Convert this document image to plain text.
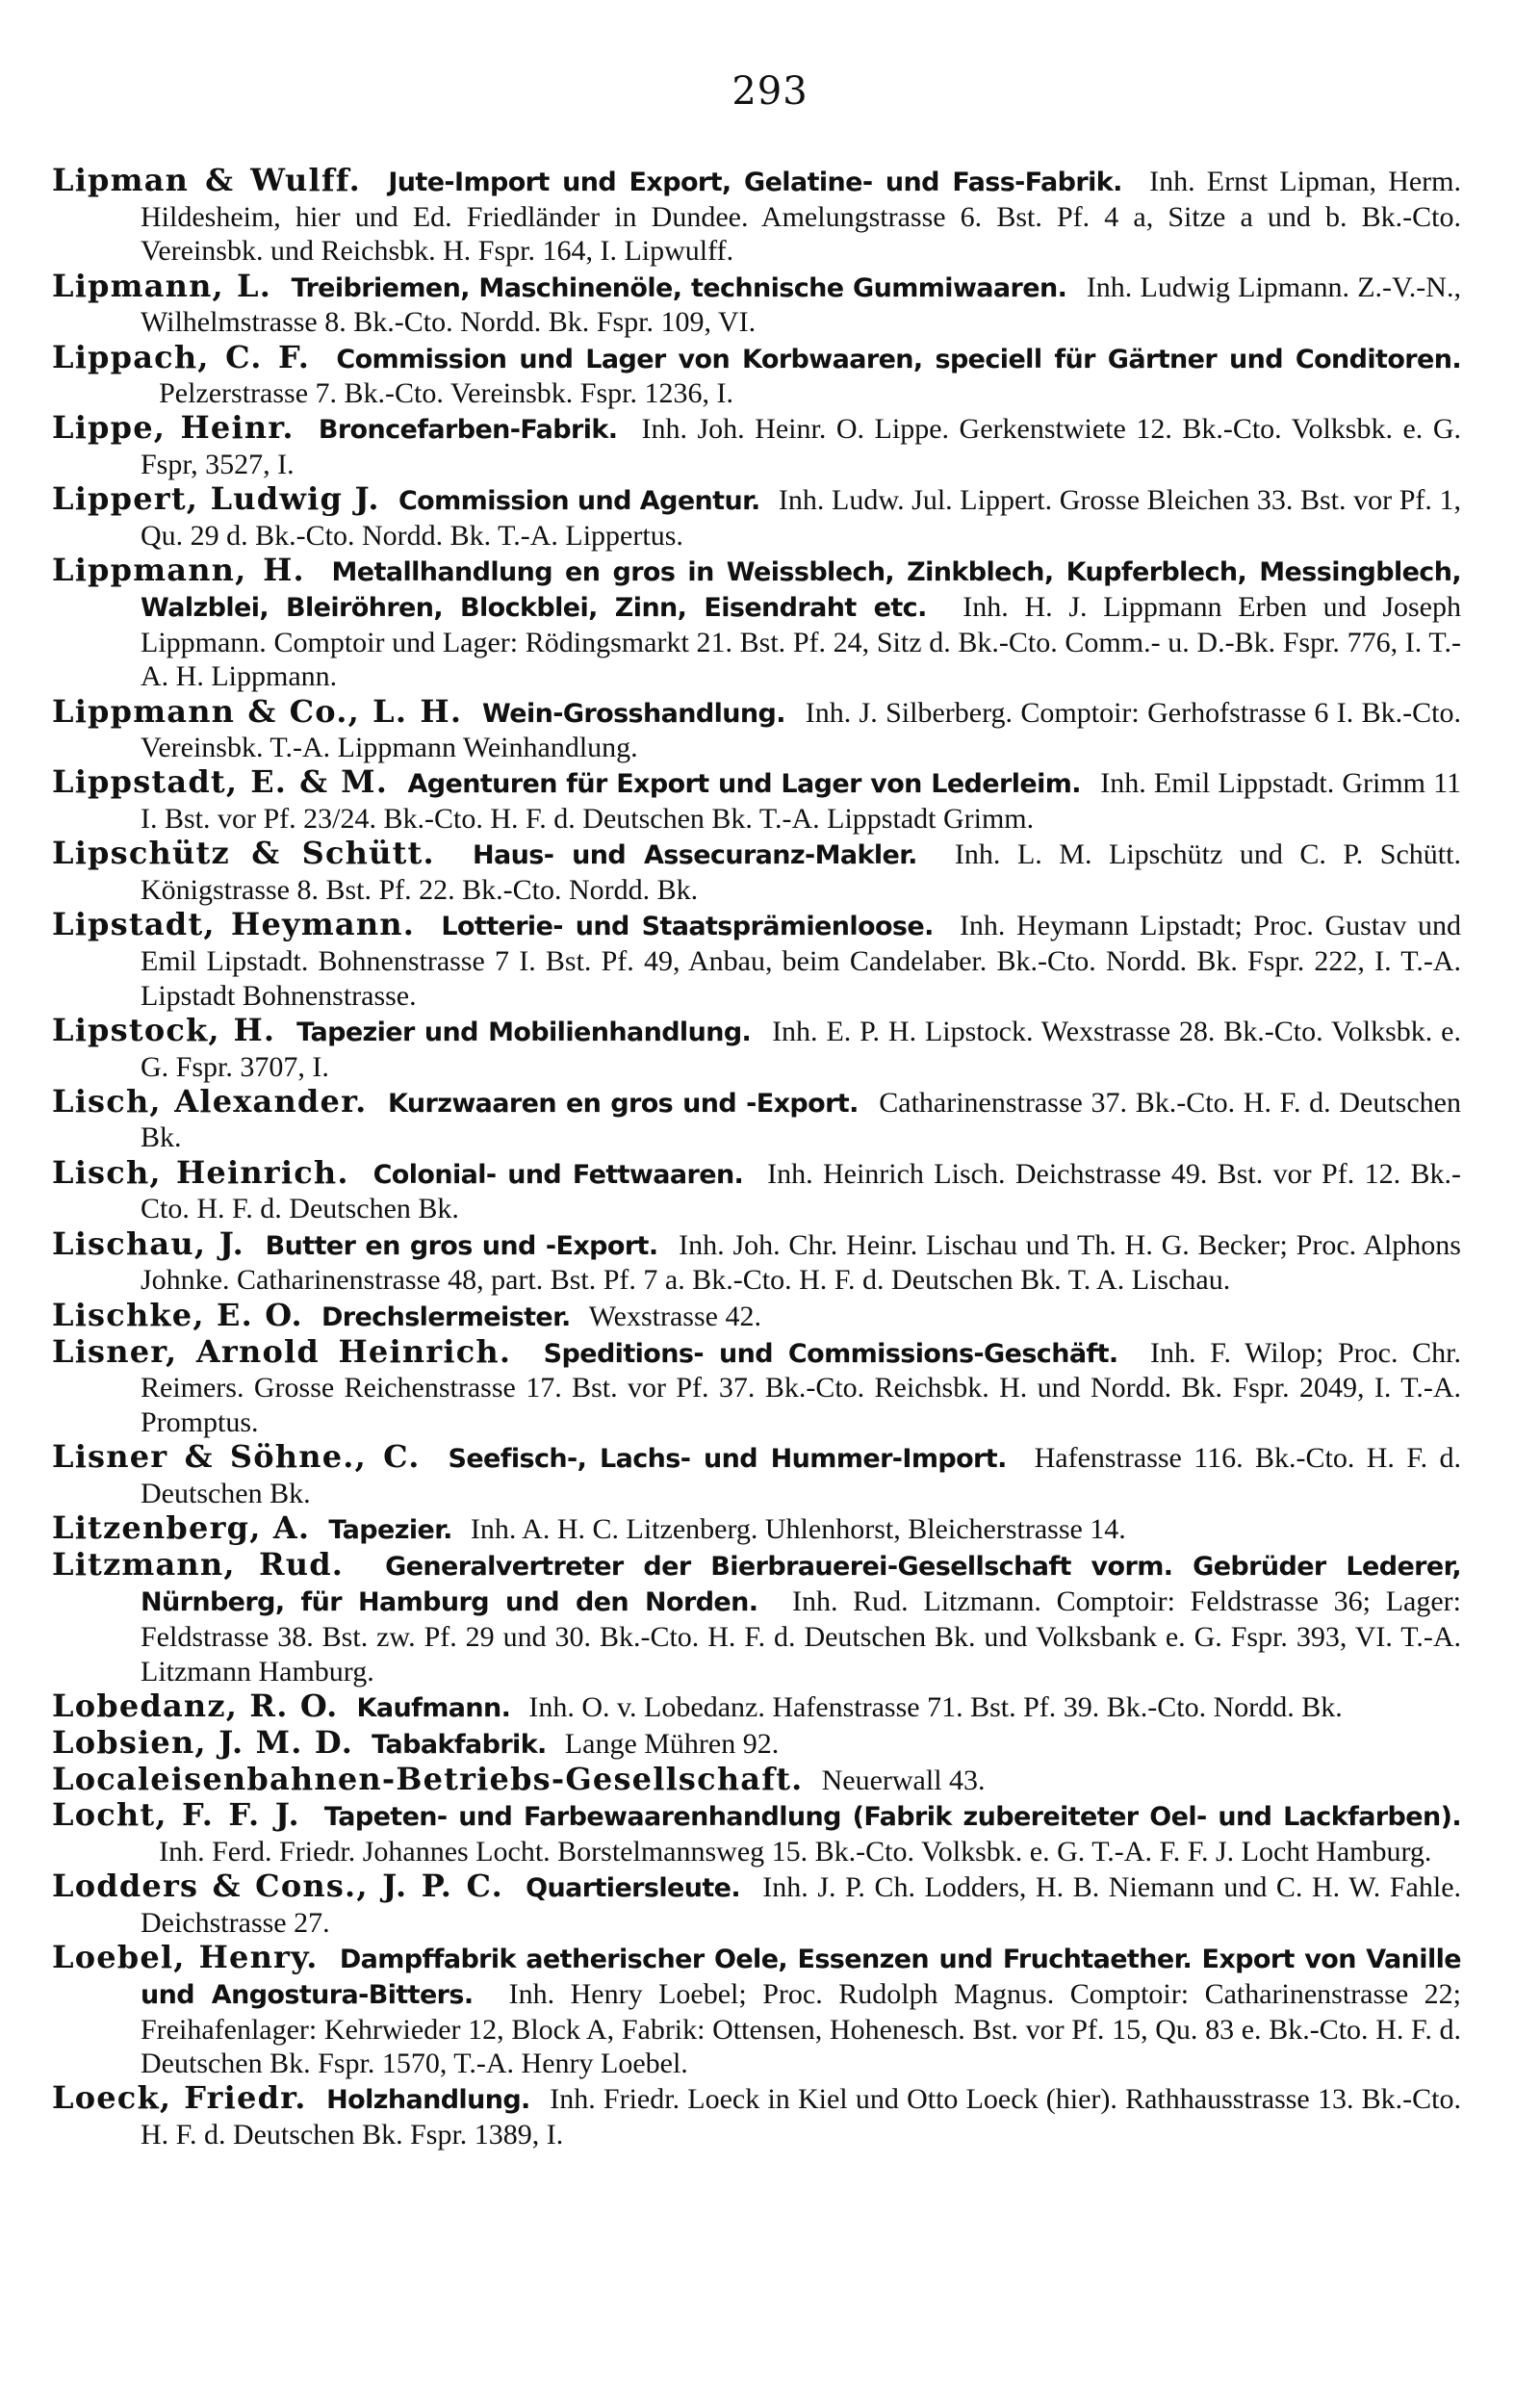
293
Lipman & Wulff. Jute-Import und Export, Gelatine- und Fass-Fabrik. Inh. Ernst Lipman, Herm. Hildesheim, hier und Ed. Friedländer in Dundee. Amelungstrasse 6. Bst. Pf. 4 a, Sitze a und b. Bk.-Cto. Vereinsbk. und Reichsbk. H. Fspr. 164, I. Lipwulff.
Lipmann, L. Treibriemen, Maschinenöle, technische Gummiwaaren. Inh. Ludwig Lipmann. Z.-V.-N., Wilhelmstrasse 8. Bk.-Cto. Nordd. Bk. Fspr. 109, VI.
Lippach, C. F. Commission und Lager von Korbwaaren, speciell für Gärtner und Conditoren.  Pelzerstrasse 7. Bk.-Cto. Vereinsbk. Fspr. 1236, I.
Lippe, Heinr. Broncefarben-Fabrik. Inh. Joh. Heinr. O. Lippe. Gerkenstwiete 12. Bk.-Cto. Volksbk. e. G. Fspr, 3527, I.
Lippert, Ludwig J. Commission und Agentur. Inh. Ludw. Jul. Lippert. Grosse Bleichen 33. Bst. vor Pf. 1, Qu. 29 d. Bk.-Cto. Nordd. Bk. T.-A. Lippertus.
Lippmann, H. Metallhandlung en gros in Weissblech, Zinkblech, Kupferblech, Messingblech, Walzblei, Bleiröhren, Blockblei, Zinn, Eisendraht etc. Inh. H. J. Lippmann Erben und Joseph Lippmann. Comptoir und Lager: Rödingsmarkt 21. Bst. Pf. 24, Sitz d. Bk.-Cto. Comm.- u. D.-Bk. Fspr. 776, I. T.-A. H. Lippmann.
Lippmann & Co., L. H. Wein-Grosshandlung. Inh. J. Silberberg. Comptoir: Gerhofstrasse 6 I. Bk.-Cto. Vereinsbk. T.-A. Lippmann Weinhandlung.
Lippstadt, E. & M. Agenturen für Export und Lager von Lederleim. Inh. Emil Lippstadt. Grimm 11 I. Bst. vor Pf. 23/24. Bk.-Cto. H. F. d. Deutschen Bk. T.-A. Lippstadt Grimm.
Lipschütz & Schütt. Haus- und Assecuranz-Makler. Inh. L. M. Lipschütz und C. P. Schütt. Königstrasse 8. Bst. Pf. 22. Bk.-Cto. Nordd. Bk.
Lipstadt, Heymann. Lotterie- und Staatsprämienloose. Inh. Heymann Lipstadt; Proc. Gustav und Emil Lipstadt. Bohnenstrasse 7 I. Bst. Pf. 49, Anbau, beim Candelaber. Bk.-Cto. Nordd. Bk. Fspr. 222, I. T.-A. Lipstadt Bohnenstrasse.
Lipstock, H. Tapezier und Mobilienhandlung. Inh. E. P. H. Lipstock. Wexstrasse 28. Bk.-Cto. Volksbk. e. G. Fspr. 3707, I.
Lisch, Alexander. Kurzwaaren en gros und -Export. Catharinenstrasse 37. Bk.-Cto. H. F. d. Deutschen Bk.
Lisch, Heinrich. Colonial- und Fettwaaren. Inh. Heinrich Lisch. Deichstrasse 49. Bst. vor Pf. 12. Bk.-Cto. H. F. d. Deutschen Bk.
Lischau, J. Butter en gros und -Export. Inh. Joh. Chr. Heinr. Lischau und Th. H. G. Becker; Proc. Alphons Johnke. Catharinenstrasse 48, part. Bst. Pf. 7 a. Bk.-Cto. H. F. d. Deutschen Bk. T. A. Lischau.
Lischke, E. O. Drechslermeister. Wexstrasse 42.
Lisner, Arnold Heinrich. Speditions- und Commissions-Geschäft. Inh. F. Wilop; Proc. Chr. Reimers. Grosse Reichenstrasse 17. Bst. vor Pf. 37. Bk.-Cto. Reichsbk. H. und Nordd. Bk. Fspr. 2049, I. T.-A. Promptus.
Lisner & Söhne., C. Seefisch-, Lachs- und Hummer-Import. Hafenstrasse 116. Bk.-Cto. H. F. d. Deutschen Bk.
Litzenberg, A. Tapezier. Inh. A. H. C. Litzenberg. Uhlenhorst, Bleicherstrasse 14.
Litzmann, Rud. Generalvertreter der Bierbrauerei-Gesellschaft vorm. Gebrüder Lederer, Nürnberg, für Hamburg und den Norden. Inh. Rud. Litzmann. Comptoir: Feldstrasse 36; Lager: Feldstrasse 38. Bst. zw. Pf. 29 und 30. Bk.-Cto. H. F. d. Deutschen Bk. und Volksbank e. G. Fspr. 393, VI. T.-A. Litzmann Hamburg.
Lobedanz, R. O. Kaufmann. Inh. O. v. Lobedanz. Hafenstrasse 71. Bst. Pf. 39. Bk.-Cto. Nordd. Bk.
Lobsien, J. M. D. Tabakfabrik. Lange Mühren 92.
Localeisenbahnen-Betriebs-Gesellschaft. Neuerwall 43.
Locht, F. F. J. Tapeten- und Farbewaarenhandlung (Fabrik zubereiteter Oel- und Lackfarben).  Inh. Ferd. Friedr. Johannes Locht. Borstelmannsweg 15. Bk.-Cto. Volksbk. e. G. T.-A. F. F. J. Locht Hamburg.
Lodders & Cons., J. P. C. Quartiersleute. Inh. J. P. Ch. Lodders, H. B. Niemann und C. H. W. Fahle. Deichstrasse 27.
Loebel, Henry. Dampffabrik aetherischer Oele, Essenzen und Fruchtaether. Export von Vanille und Angostura-Bitters. Inh. Henry Loebel; Proc. Rudolph Magnus. Comptoir: Catharinenstrasse 22; Freihafenlager: Kehrwieder 12, Block A, Fabrik: Ottensen, Hohenesch. Bst. vor Pf. 15, Qu. 83 e. Bk.-Cto. H. F. d. Deutschen Bk. Fspr. 1570, T.-A. Henry Loebel.
Loeck, Friedr. Holzhandlung. Inh. Friedr. Loeck in Kiel und Otto Loeck (hier). Rathhausstrasse 13. Bk.-Cto. H. F. d. Deutschen Bk. Fspr. 1389, I.
